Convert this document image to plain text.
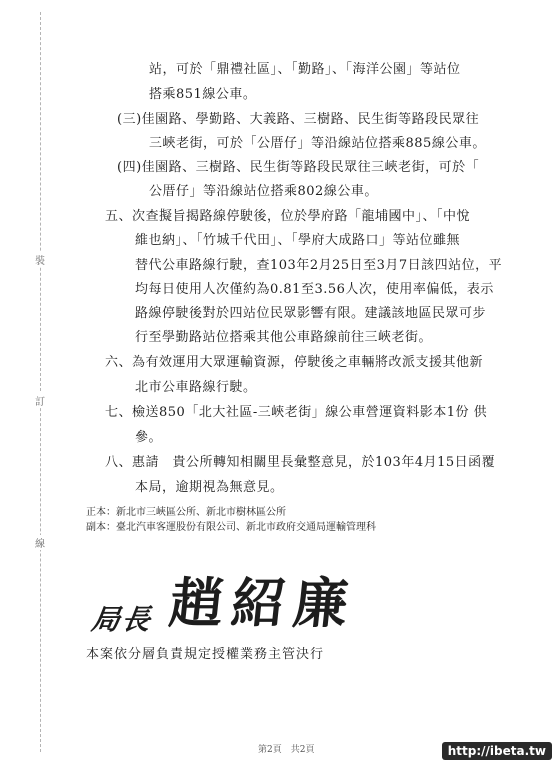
裝
訂
線
站，可於「鼎禮社區」、「勤路」、「海洋公園」等站位
搭乘851線公車。
(三)佳園路、學勤路、大義路、三樹路、民生街等路段民眾往
三峽老街，可於「公厝仔」等沿線站位搭乘885線公車。
(四)佳園路、三樹路、民生街等路段民眾往三峽老街，可於「
公厝仔」等沿線站位搭乘802線公車。
五、次查擬旨揭路線停駛後，位於學府路「龍埔國中」、「中悅
維也納」、「竹城千代田」、「學府大成路口」等站位雖無
替代公車路線行駛，查103年2月25日至3月7日該四站位，平
均每日使用人次僅約為0.81至3.56人次，使用率偏低，表示
路線停駛後對於四站位民眾影響有限。建議該地區民眾可步
行至學勤路站位搭乘其他公車路線前往三峽老街。
六、為有效運用大眾運輸資源，停駛後之車輛將改派支援其他新
北市公車路線行駛。
七、檢送850「北大社區-三峽老街」線公車營運資料影本1份 供
參。
八、惠請　貴公所轉知相關里長彙整意見，於103年4月15日函覆
本局，逾期視為無意見。
正本：新北市三峽區公所、新北市樹林區公所
副本：臺北汽車客運股份有限公司、新北市政府交通局運輸管理科
局長 趙紹廉
本案依分層負責規定授權業務主管決行
第2頁　共2頁	http://ibeta.tw
